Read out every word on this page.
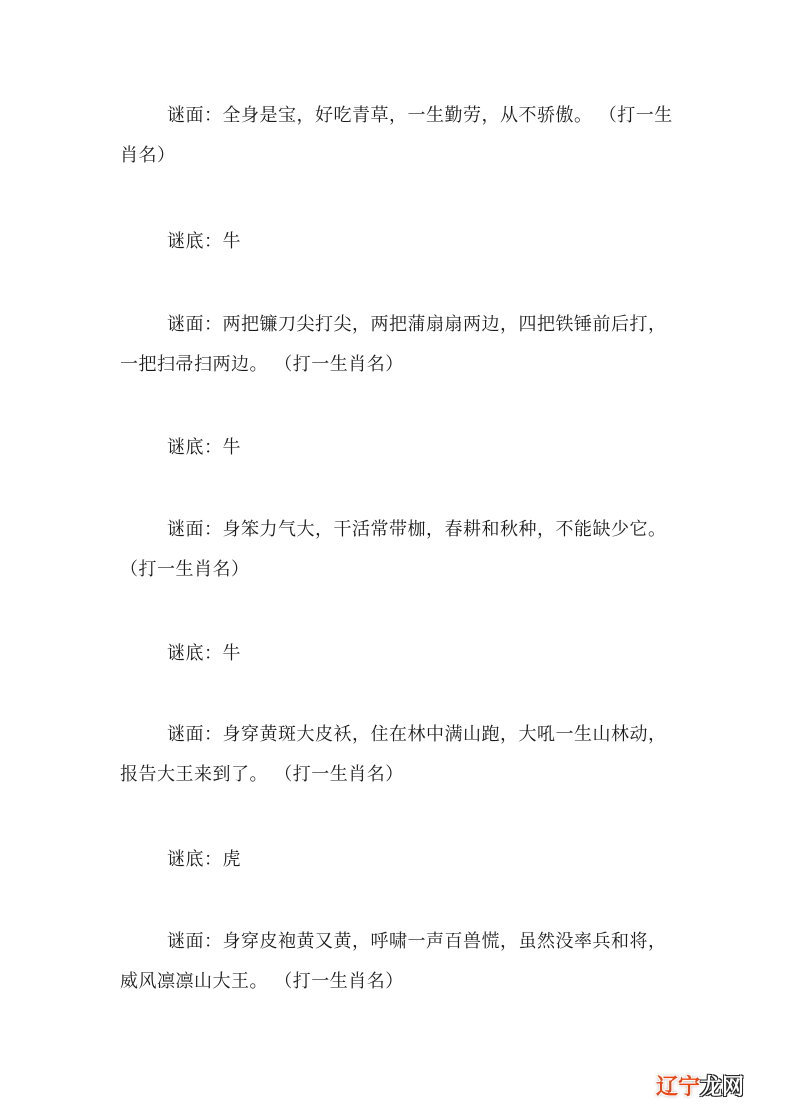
谜面：全身是宝，好吃青草，一生勤劳，从不骄傲。 （打一生肖名）

谜底：牛

谜面：两把镰刀尖打尖，两把蒲扇扇两边，四把铁锤前后打，一把扫帚扫两边。 （打一生肖名）

谜底：牛

谜面：身笨力气大，干活常带枷，春耕和秋种，不能缺少它。 （打一生肖名）

谜底：牛

谜面：身穿黄斑大皮袄，住在林中满山跑，大吼一生山林动，报告大王来到了。 （打一生肖名）

谜底：虎

谜面：身穿皮袍黄又黄，呼啸一声百兽慌，虽然没率兵和将，威风凛凛山大王。 （打一生肖名）

辽宁龙网
